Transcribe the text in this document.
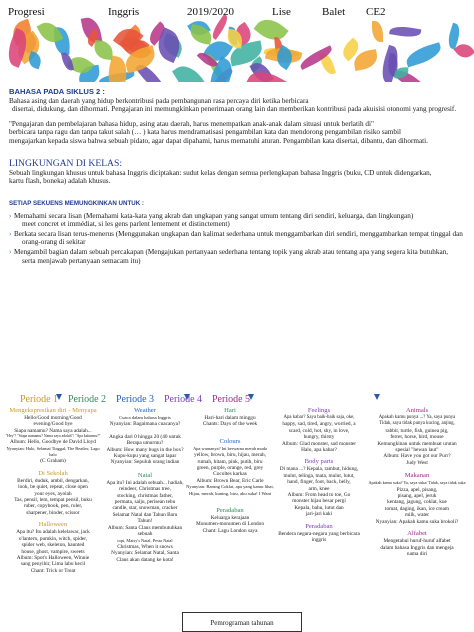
Progresi	Inggris	2019/2020	Lise	Balet CE2
BAHASA PADA SIKLUS 2 :
Bahasa asing dan daerah yang hidup berkontribusi pada pembangunan rasa percaya diri ketika berbicara
disertai, didukung, dan dihormati. Pengajaran ini memungkinkan penerimaan orang lain dan memberikan kontribusi pada akuisisi otonomi yang progresif.
"Pengajaran dan pembelajaran bahasa hidup, asing atau daerah, harus menempatkan anak-anak dalam situasi untuk berlatih di"
berbicara tanpa ragu dan tanpa takut salah (… ) kata harus mendramatisasi pengambilan kata dan mendorong pengambilan risiko sambil
mengajarkan kepada siswa bahwa sebuah pidato, agar dapat dipahami, harus mematuhi aturan. Pengambilan kata disertai, dibantu, dan dihormati.
LINGKUNGAN DI KELAS:
Sebuah lingkungan khusus untuk bahasa Inggris diciptakan: sudut kelas dengan semua perlengkapan bahasa Inggris (buku, CD untuk didengarkan,
kartu flash, boneka) adalah khusus.
SETIAP SEKUENS MEMUNGKINKAN UNTUK :
› Memahami secara lisan (Memahami kata-kata yang akrab dan ungkapan yang sangat umum tentang diri sendiri, keluarga, dan lingkungan)
meet concret et immédiat, si les gens parlent lentement et distinctement)
› Berkata secara lisan terus-menerus (Menggunakan ungkapan dan kalimat sederhana untuk menggambarkan diri sendiri, menggambarkan tempat tinggal dan
orang-orang di sekitar
› Mengambil bagian dalam sebuah percakapan (Mengajukan pertanyaan sederhana tentang topik yang akrab atau tentang apa yang segera kita butuhkan,
serta menjawab pertanyaan semacam itu)
Periode 1 Periode 2 Periode 3 Periode 4 Periode 5
Mengekspresikan diri - Menyapa
Hello/Good morning/Good
evening/Good bye
Siapa namamu? Nama saya adalah...
"Hey"! "Siapa namamu? Nama saya adalah"\ "Apa kabarmu?"
Album: Hello, Goodbye de David Lloyd
Nyanyian: Halo, Selamat Tinggal, The Beatles; Lagu halo
(C Graham)
Di Sekolah
Berdiri, duduk, ambil, dengarkan,
look, be quiet, repeat, close open
your eyes, ayolah
Tas, pensil, lem, tempat pensil, buku
ruber, copybook, pen, ruler,
sharpener, binder, scissor
Halloween
Apa itu? Itu adalah kelelawar, jack
o'lantern, pumkin, witch, spider,
spider web, skeleton, haunted
house, ghost, vampire, sweets
Album: Spot's Halloween, Winnie
sang penyihir, Lima labu kecil
Chant: Trick or Treat
Weather
Cuaca dalam bahasa Inggris
Nyanyian: Bagaimana cuacanya?
Angka dari 0 hingga 20 (40 untuk
Berapa umurmu?
Album: How many bugs in the box?
Kupu-kupu yang sangat lapar
Nyanyian: Sepuluh orang indian
Natal
Apa itu? Ini adalah sebuah... hadiah,
reindeer, Christmas tree,
stocking, christmas father,
permata, salju, perisean tebu
candle, star, snowman, cracker
Selamat Natal dan Tahun Baru
Tahun!
Album: Santa Claus membutuhkan sebuah
topi, Maisy's Natal, Pesta Natal
Christmas, When it snows
Nyanyian: Selamat Natal, Santa
Claus akan datang ke kota!
Hari
Hari-hari dalam minggu
Chants: Days of the week
Colours
Apa warnanya? Ini berwarna merah muda
yellow, brown, biru, hijau, merah,
rumah, hitam, pink, putih, biru
green, purple, orange, red, grey
Cocoltes karkas
Album: Brown Bear, Eric Carle
Nyanyian: Barung Coklat, apa yang kamu lihat,
Hijau, merah, kuning, biru, aku suka! I Want
Peradaban
Keluarga kerajaan
Monumen-monumen di London
Chant: Lagu London saya
Feelings
Apa kabar? Saya baik-baik saja, oke,
happy, sad, tired, angry, worried, a
scard, cold, hot, shy, in love,
hungry, thirsty
Album: Glad monster, sad monster
Halo, apa kabar?
Body parts
Di mana ...? Kepala, rambut, hidung,
mulut, telinga, mata, mulut, lutut,
hand, finger, foot, back, belly,
arm, knee
Album: From head to toe, Go
monster hijau besar pergi
Kepala, bahu, lutut dan
jari-jari kaki
Peradaban
Bendera negara-negara yang berbicara
inggris
Animals
Apakah kamu punya ...? Ya, saya punya
Tidak, saya tidak punya kucing, anjing,
rabbit, turtle, fish, guinea pig,
ferret, horse, bird, mouse
Kemungkinan untuk membuat urutan
spesial "hewan laut"
Album: Have you got our Purr?
Judy West
Makanan
Apakah kamu suka? Ya, saya suka/ Tidak, saya tidak suka
Pizza, apel, pisang,
pisang, apel, jeruk
kentang, jagung, coklat, kue
tomat, daging, ikan, ice cream
milk, water
Nyanyian: Apakah kamu suka brokoli?
Alfabet
Mengetahui huruf-huruf alfabet
dalam bahasa Inggris dan mengeja
nama diri
Pemrograman tahunan
